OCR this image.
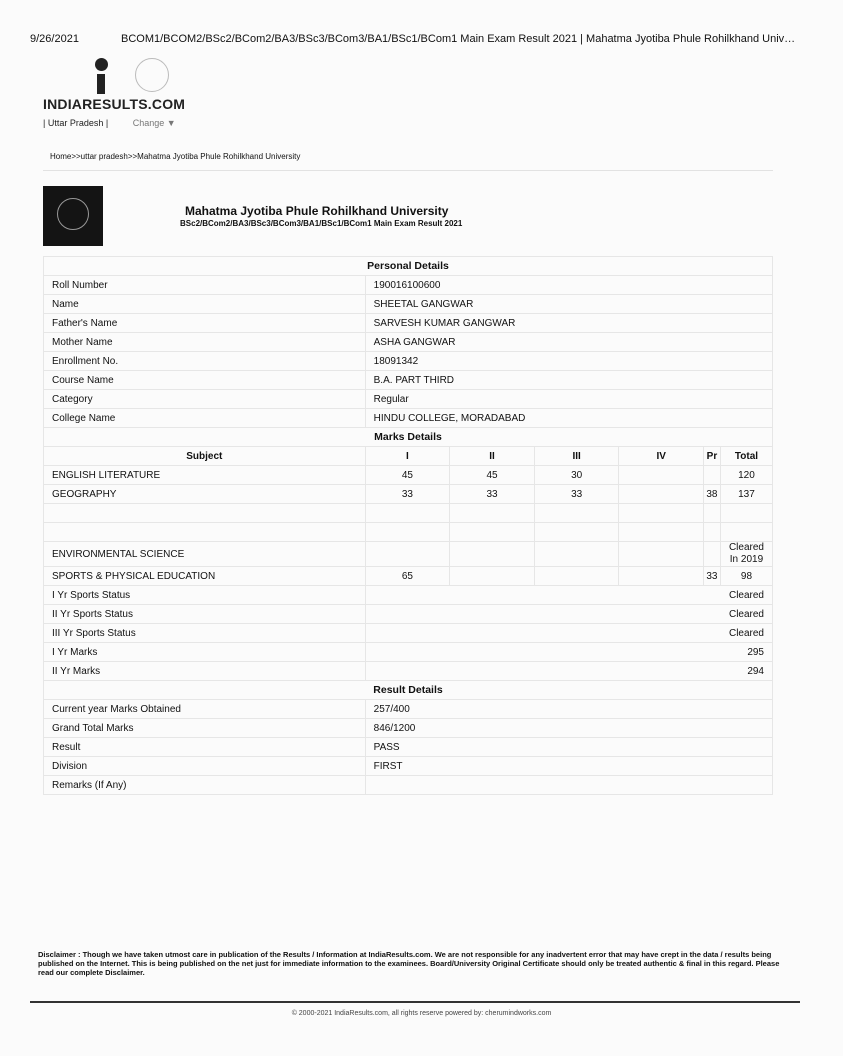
9/26/2021	BCOM1/BCOM2/BSc2/BCom2/BA3/BSc3/BCom3/BA1/BSc1/BCom1 Main Exam Result 2021 | Mahatma Jyotiba Phule Rohilkhand Univ…
INDIARESULTS.COM
| Uttar Pradesh |	Change ▼
Home>>uttar pradesh>>Mahatma Jyotiba Phule Rohilkhand University
Mahatma Jyotiba Phule Rohilkhand University
BSc2/BCom2/BA3/BSc3/BCom3/BA1/BSc1/BCom1 Main Exam Result 2021
Personal Details						
Roll Number	190016100600					
Name	SHEETAL GANGWAR					
Father's Name	SARVESH KUMAR GANGWAR					
Mother Name	ASHA GANGWAR					
Enrollment No.	18091342					
Course Name	B.A. PART THIRD					
Category	Regular					
College Name	HINDU COLLEGE, MORADABAD					
Marks Details						
Subject	I	II	III	IV	Pr	Total
ENGLISH LITERATURE	45	45	30			120
GEOGRAPHY	33	33	33		38	137

ENVIRONMENTAL SCIENCE						Cleared In 2019
SPORTS & PHYSICAL EDUCATION	65				33	98
I Yr Sports Status	Cleared					
II Yr Sports Status	Cleared					
III Yr Sports Status	Cleared					
I Yr Marks	295					
II Yr Marks	294					
Result Details						
Current year Marks Obtained	257/400					
Grand Total Marks	846/1200					
Result	PASS					
Division	FIRST					
Remarks (If Any)						
Disclaimer : Though we have taken utmost care in publication of the Results / Information at IndiaResults.com. We are not responsible for any inadvertent error that may have crept in the data / results being published on the Internet. This is being published on the net just for immediate information to the examinees. Board/University Original Certificate should only be treated authentic & final in this regard. Please read our complete Disclaimer.
© 2000-2021 IndiaResults.com, all rights reserve powered by: cherumindworks.com
